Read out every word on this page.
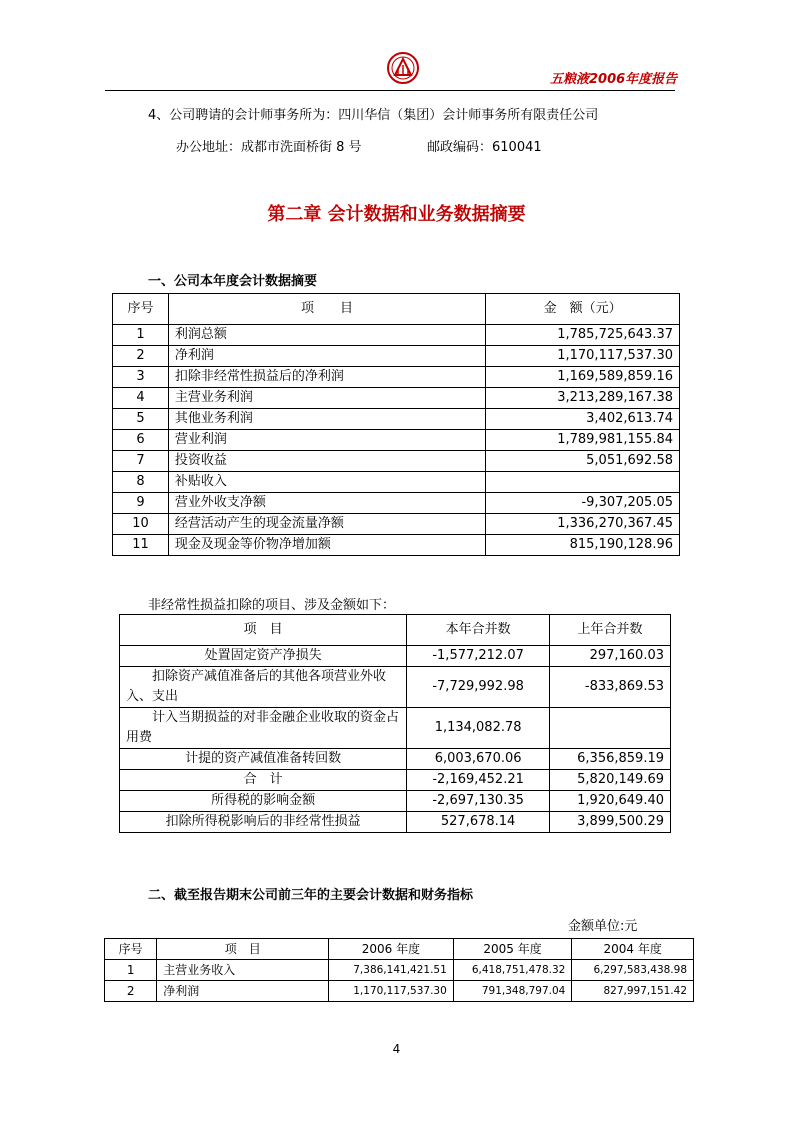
五粮液2006年度报告
4、公司聘请的会计师事务所为：四川华信（集团）会计师事务所有限责任公司
办公地址：成都市洗面桥街 8 号	邮政编码：610041
第二章 会计数据和业务数据摘要
一、公司本年度会计数据摘要
序号	项　　目	金　额（元）
1	利润总额	1,785,725,643.37
2	净利润	1,170,117,537.30
3	扣除非经常性损益后的净利润	1,169,589,859.16
4	主营业务利润	3,213,289,167.38
5	其他业务利润	3,402,613.74
6	营业利润	1,789,981,155.84
7	投资收益	5,051,692.58
8	补贴收入	
9	营业外收支净额	-9,307,205.05
10	经营活动产生的现金流量净额	1,336,270,367.45
11	现金及现金等价物净增加额	815,190,128.96
非经常性损益扣除的项目、涉及金额如下：
项　目	本年合并数	上年合并数
处置固定资产净损失	-1,577,212.07	297,160.03
扣除资产减值准备后的其他各项营业外收入、支出	-7,729,992.98	-833,869.53
计入当期损益的对非金融企业收取的资金占用费	1,134,082.78	
计提的资产减值准备转回数	6,003,670.06	6,356,859.19
合　计	-2,169,452.21	5,820,149.69
所得税的影响金额	-2,697,130.35	1,920,649.40
扣除所得税影响后的非经常性损益	527,678.14	3,899,500.29
二、截至报告期末公司前三年的主要会计数据和财务指标
金额单位:元
序号	项　目	2006 年度	2005 年度	2004 年度
1	主营业务收入	7,386,141,421.51	6,418,751,478.32	6,297,583,438.98
2	净利润	1,170,117,537.30	791,348,797.04	827,997,151.42
4
